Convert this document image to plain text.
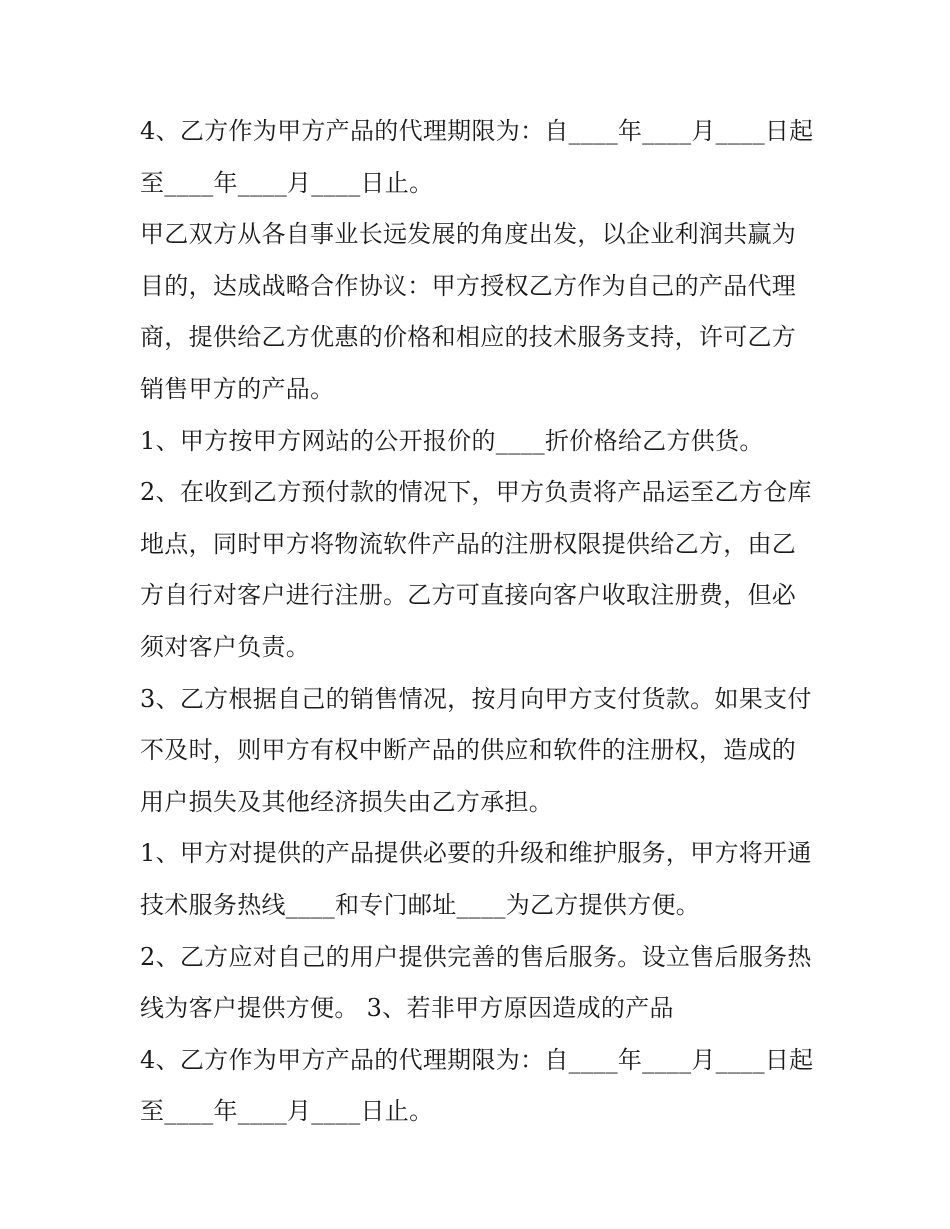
4、乙方作为甲方产品的代理期限为：自____年____月____日起至____年____月____日止。

甲乙双方从各自事业长远发展的角度出发，以企业利润共赢为目的，达成战略合作协议：甲方授权乙方作为自己的产品代理商，提供给乙方优惠的价格和相应的技术服务支持，许可乙方销售甲方的产品。

1、甲方按甲方网站的公开报价的____折价格给乙方供货。

2、在收到乙方预付款的情况下，甲方负责将产品运至乙方仓库地点，同时甲方将物流软件产品的注册权限提供给乙方，由乙方自行对客户进行注册。乙方可直接向客户收取注册费，但必须对客户负责。

3、乙方根据自己的销售情况，按月向甲方支付货款。如果支付不及时，则甲方有权中断产品的供应和软件的注册权，造成的用户损失及其他经济损失由乙方承担。

1、甲方对提供的产品提供必要的升级和维护服务，甲方将开通技术服务热线____和专门邮址____为乙方提供方便。

2、乙方应对自己的用户提供完善的售后服务。设立售后服务热线为客户提供方便。 3、若非甲方原因造成的产品

4、乙方作为甲方产品的代理期限为：自____年____月____日起至____年____月____日止。
